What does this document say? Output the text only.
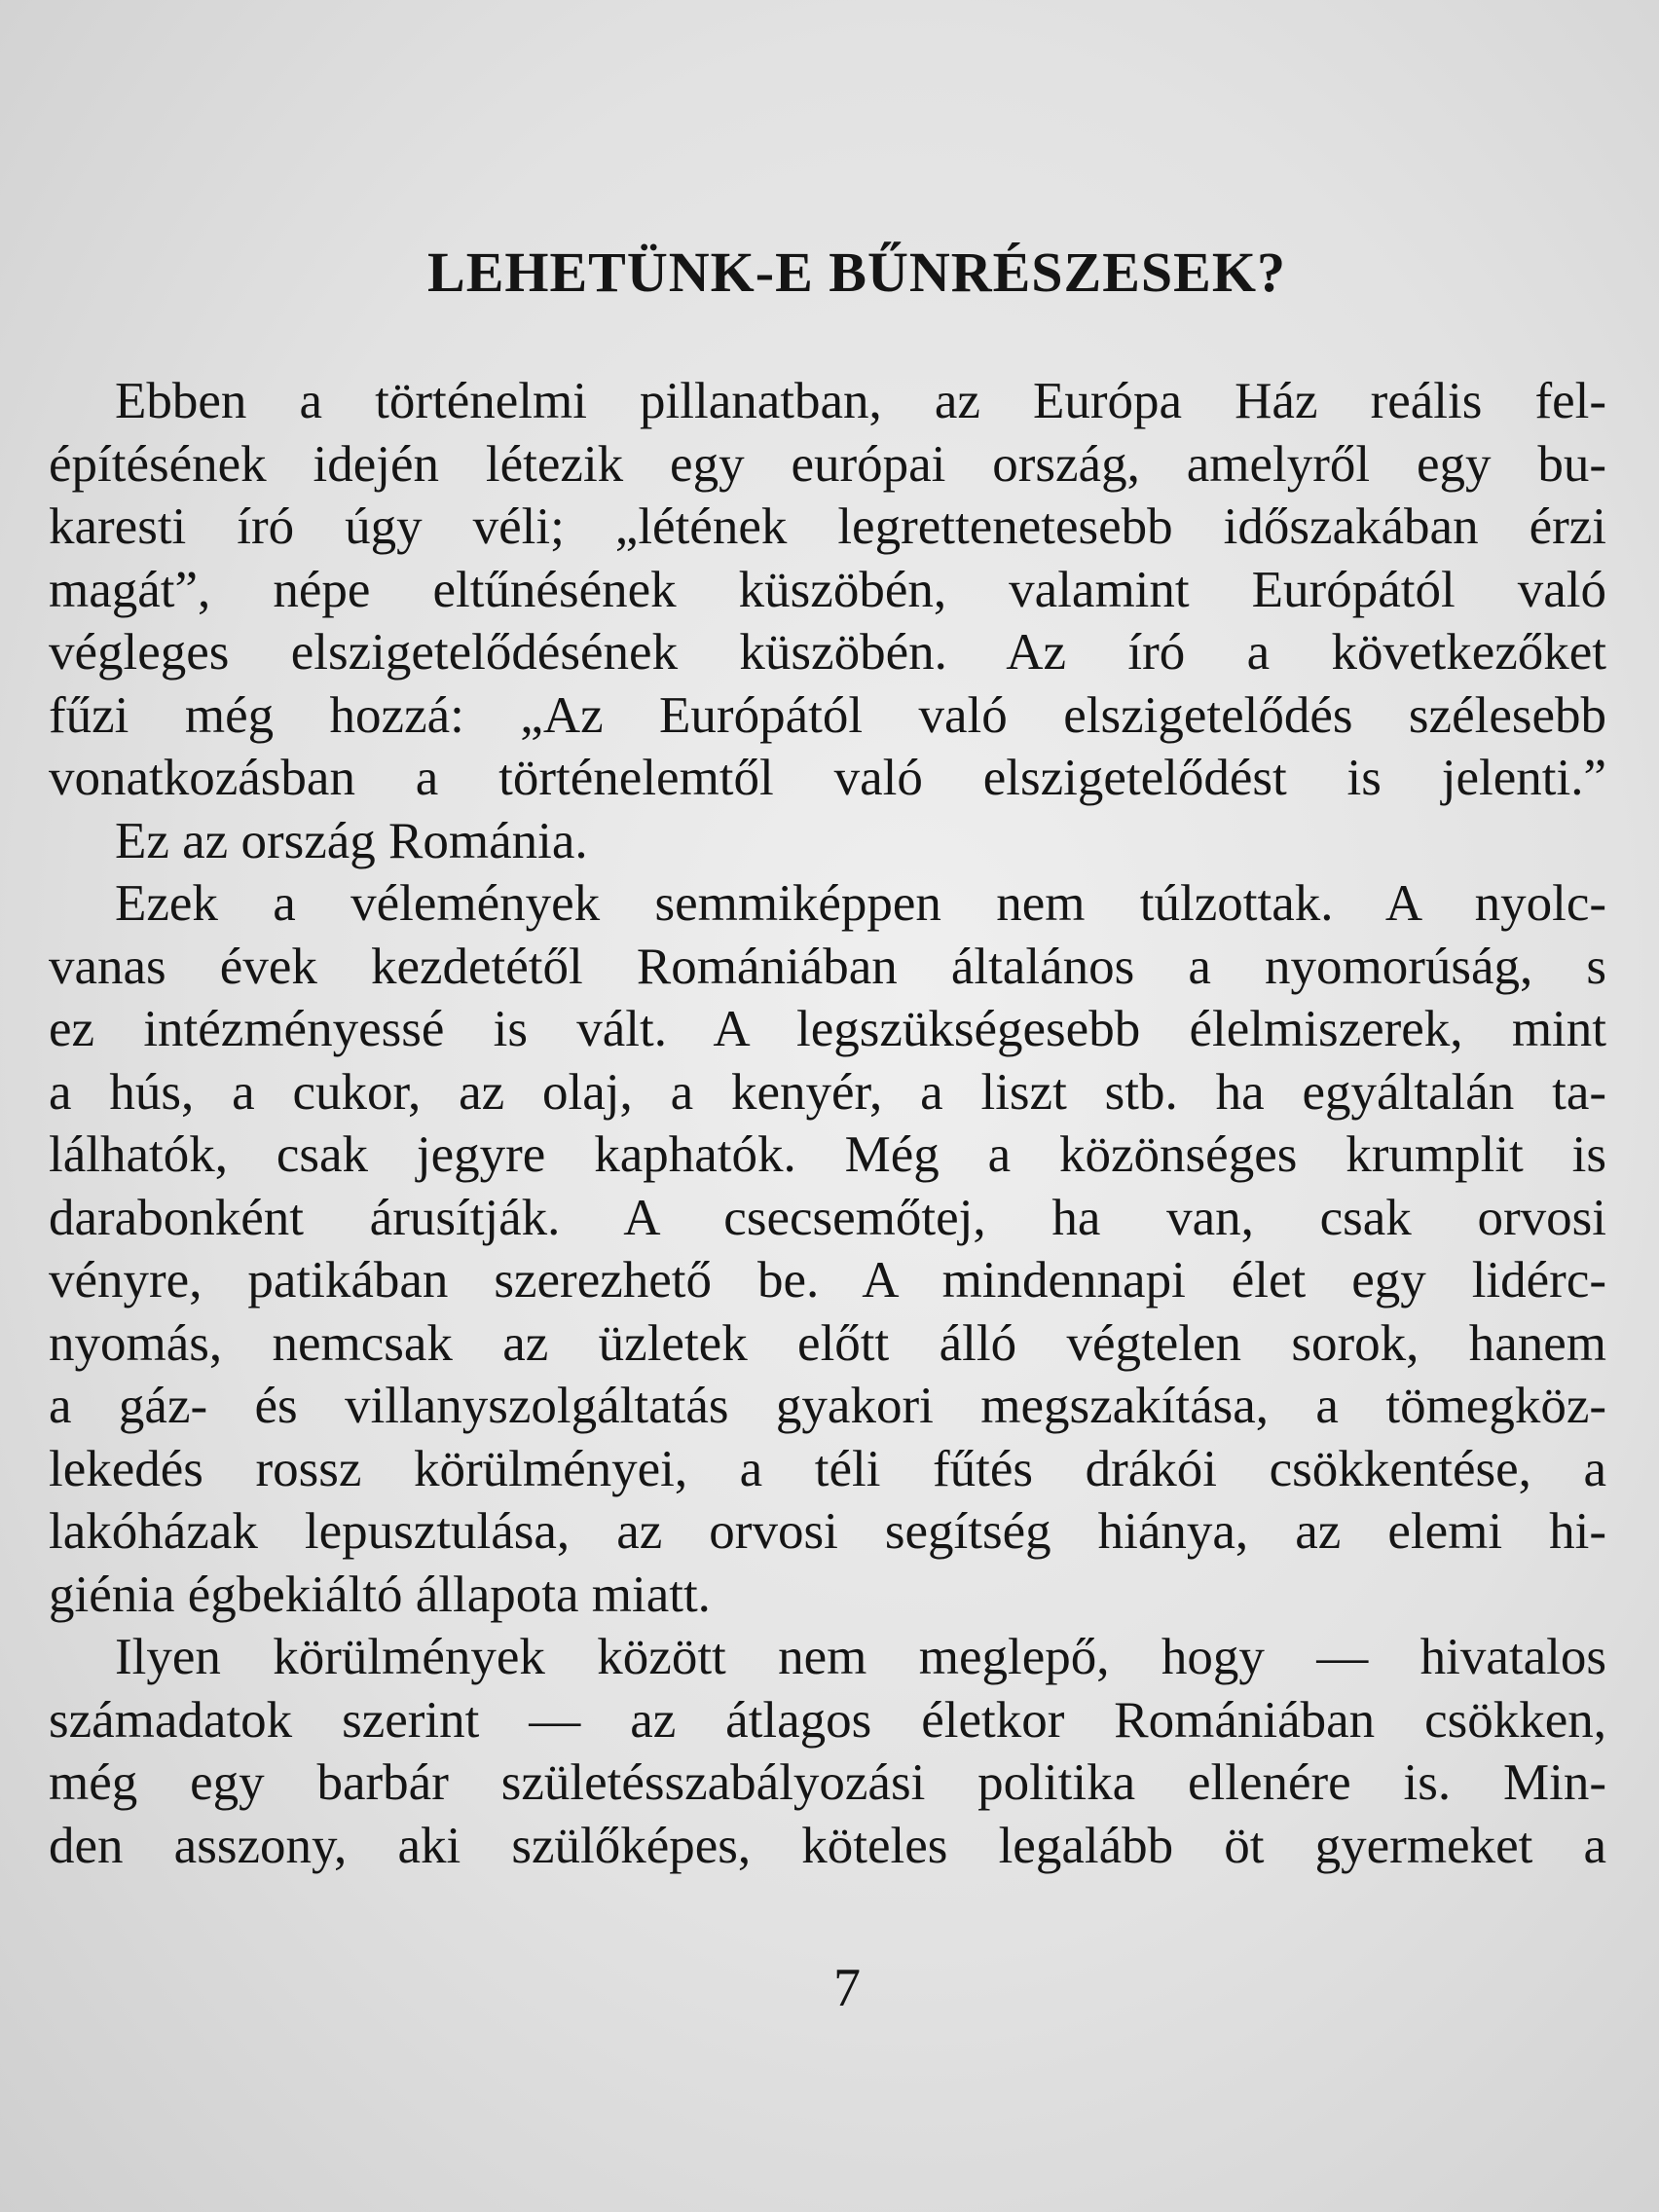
LEHETÜNK-E BŰNRÉSZESEK?
Ebben a történelmi pillanatban, az Európa Ház reális fel-
építésének idején létezik egy európai ország, amelyről egy bu-
karesti író úgy véli; „létének legrettenetesebb időszakában érzi
magát”, népe eltűnésének küszöbén, valamint Európától való
végleges elszigetelődésének küszöbén. Az író a következőket
fűzi még hozzá: „Az Európától való elszigetelődés szélesebb
vonatkozásban a történelemtől való elszigetelődést is jelenti.”
Ez az ország Románia.
Ezek a vélemények semmiképpen nem túlzottak. A nyolc-
vanas évek kezdetétől Romániában általános a nyomorúság, s
ez intézményessé is vált. A legszükségesebb élelmiszerek, mint
a hús, a cukor, az olaj, a kenyér, a liszt stb. ha egyáltalán ta-
lálhatók, csak jegyre kaphatók. Még a közönséges krumplit is
darabonként árusítják. A csecsemőtej, ha van, csak orvosi
vényre, patikában szerezhető be. A mindennapi élet egy lidérc-
nyomás, nemcsak az üzletek előtt álló végtelen sorok, hanem
a gáz- és villanyszolgáltatás gyakori megszakítása, a tömegköz-
lekedés rossz körülményei, a téli fűtés drákói csökkentése, a
lakóházak lepusztulása, az orvosi segítség hiánya, az elemi hi-
giénia égbekiáltó állapota miatt.
Ilyen körülmények között nem meglepő, hogy — hivatalos
számadatok szerint — az átlagos életkor Romániában csökken,
még egy barbár születésszabályozási politika ellenére is. Min-
den asszony, aki szülőképes, köteles legalább öt gyermeket a
7
